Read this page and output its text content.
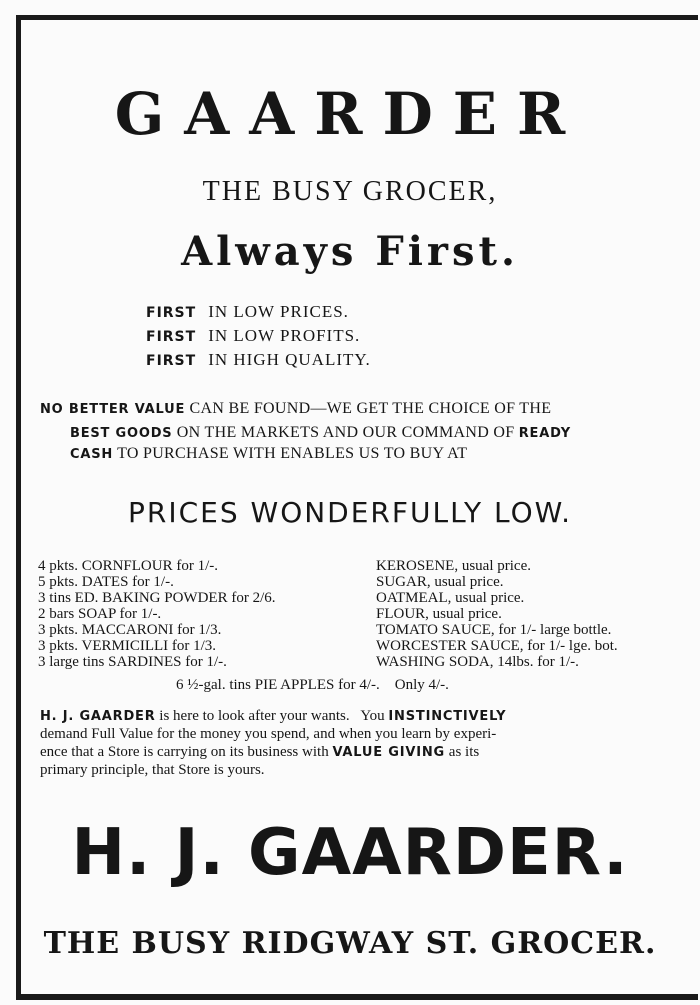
GAARDER
THE BUSY GROCER,
Always First.
FIRST IN LOW PRICES.
FIRST IN LOW PROFITS.
FIRST IN HIGH QUALITY.
NO BETTER VALUE CAN BE FOUND—WE GET THE CHOICE OF THE
BEST GOODS ON THE MARKETS AND OUR COMMAND OF READY
CASH TO PURCHASE WITH ENABLES US TO BUY AT
PRICES WONDERFULLY LOW.
4 pkts. CORNFLOUR for 1/-.
5 pkts. DATES for 1/-.
3 tins ED. BAKING POWDER for 2/6.
2 bars SOAP for 1/-.
3 pkts. MACCARONI for 1/3.
3 pkts. VERMICILLI for 1/3.
3 large tins SARDINES for 1/-.
KEROSENE, usual price.
SUGAR, usual price.
OATMEAL, usual price.
FLOUR, usual price.
TOMATO SAUCE, for 1/- large bottle.
WORCESTER SAUCE, for 1/- lge. bot.
WASHING SODA, 14lbs. for 1/-.
6 ½-gal. tins PIE APPLES for 4/-.    Only 4/-.
H. J. GAARDER is here to look after your wants.   You INSTINCTIVELY
demand Full Value for the money you spend, and when you learn by experi-
ence that a Store is carrying on its business with VALUE GIVING as its
primary principle, that Store is yours.
H. J. GAARDER.
THE BUSY RIDGWAY ST. GROCER.
